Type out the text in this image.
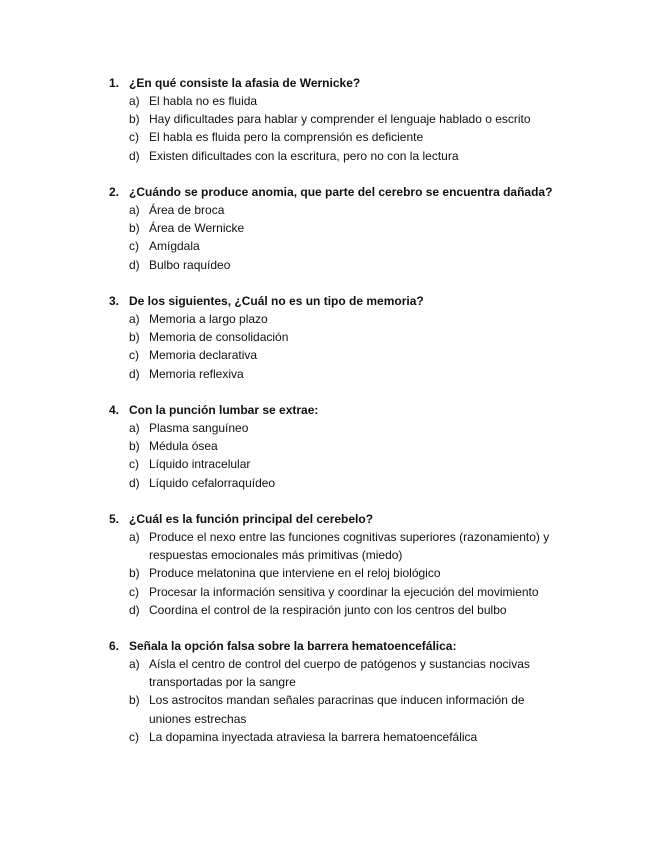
1. ¿En qué consiste la afasia de Wernicke?
a) El habla no es fluida
b) Hay dificultades para hablar y comprender el lenguaje hablado o escrito
c) El habla es fluida pero la comprensión es deficiente
d) Existen dificultades con la escritura, pero no con la lectura
2. ¿Cuándo se produce anomia, que parte del cerebro se encuentra dañada?
a) Área de broca
b) Área de Wernicke
c) Amígdala
d) Bulbo raquídeo
3. De los siguientes, ¿Cuál no es un tipo de memoria?
a) Memoria a largo plazo
b) Memoria de consolidación
c) Memoria declarativa
d) Memoria reflexiva
4. Con la punción lumbar se extrae:
a) Plasma sanguíneo
b) Médula ósea
c) Líquido intracelular
d) Líquido cefalorraquídeo
5. ¿Cuál es la función principal del cerebelo?
a) Produce el nexo entre las funciones cognitivas superiores (razonamiento) y respuestas emocionales más primitivas (miedo)
b) Produce melatonina que interviene en el reloj biológico
c) Procesar la información sensitiva y coordinar la ejecución del movimiento
d) Coordina el control de la respiración junto con los centros del bulbo
6. Señala la opción falsa sobre la barrera hematoencefálica:
a) Aísla el centro de control del cuerpo de patógenos y sustancias nocivas transportadas por la sangre
b) Los astrocitos mandan señales paracrinas que inducen información de uniones estrechas
c) La dopamina inyectada atraviesa la barrera hematoencefálica
